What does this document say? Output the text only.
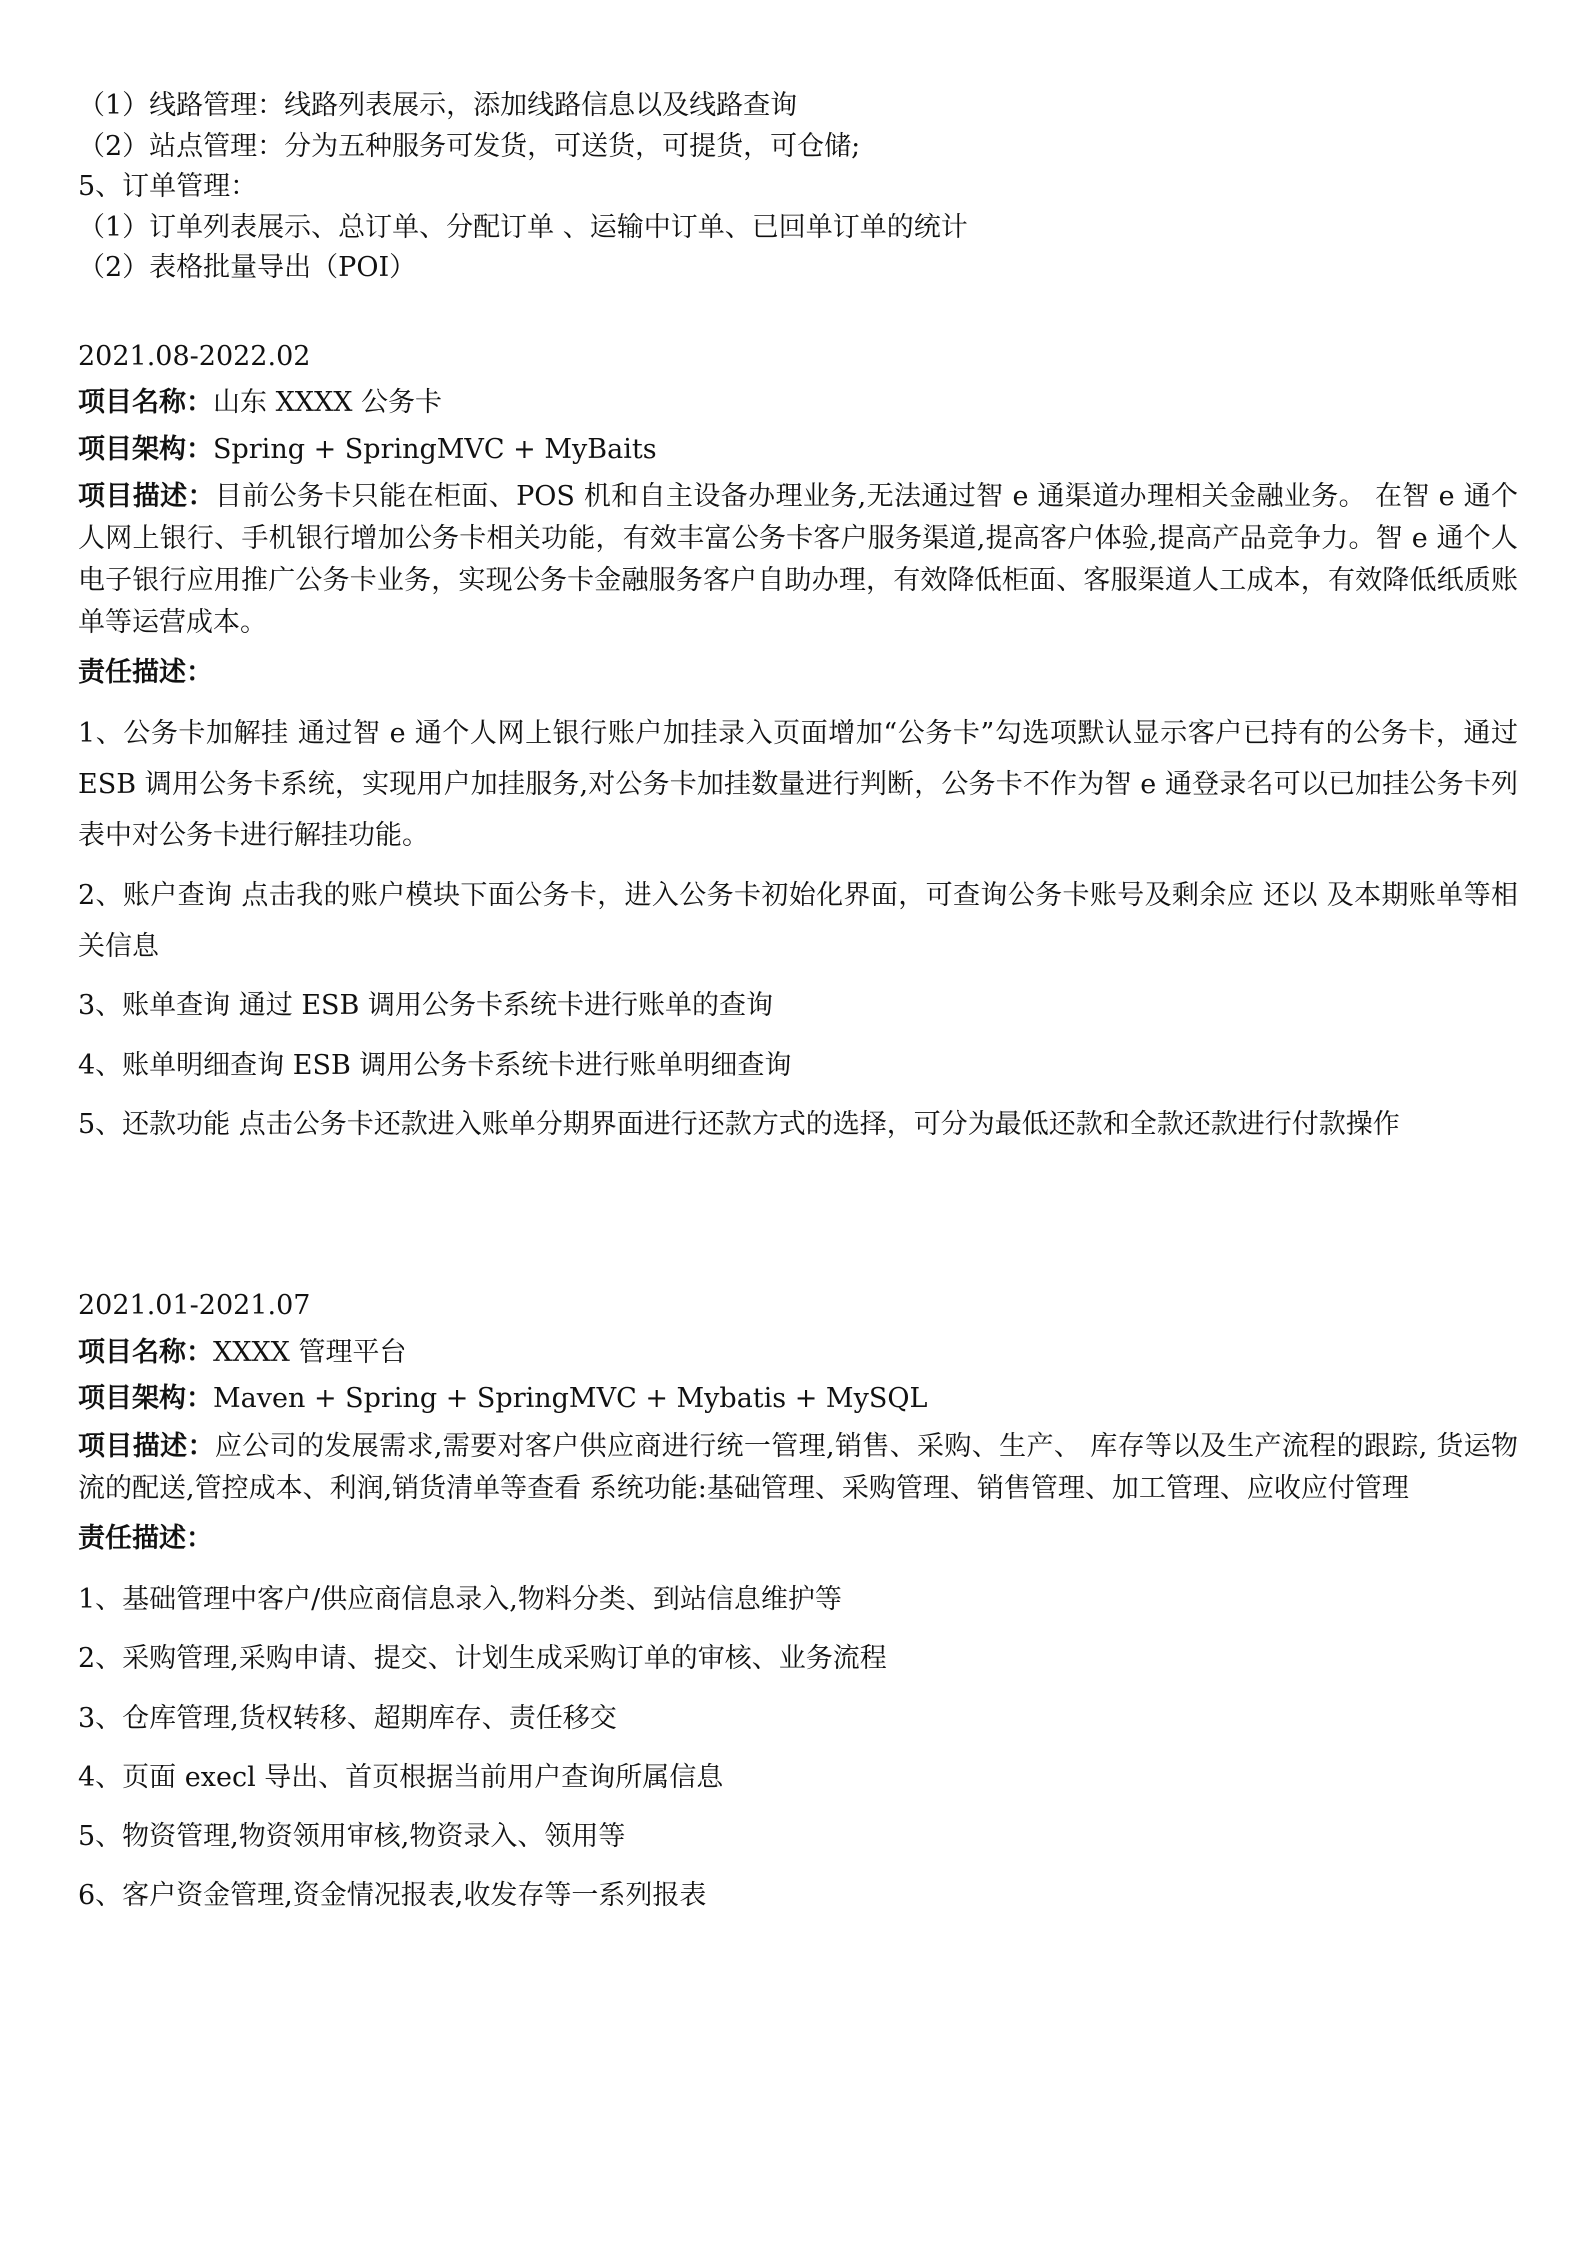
（1）线路管理：线路列表展示，添加线路信息以及线路查询

（2）站点管理：分为五种服务可发货，可送货，可提货，可仓储;

5、订单管理：

（1）订单列表展示、总订单、分配订单 、运输中订单、已回单订单的统计

（2）表格批量导出（POI）

2021.08-2022.02

项目名称：山东 XXXX 公务卡

项目架构：Spring + SpringMVC + MyBaits

项目描述：目前公务卡只能在柜面、POS 机和自主设备办理业务,无法通过智 e 通渠道办理相关金融业务。 在智 e 通个人网上银行、手机银行增加公务卡相关功能，有效丰富公务卡客户服务渠道,提高客户体验,提高产品竞争力。智 e 通个人电子银行应用推广公务卡业务，实现公务卡金融服务客户自助办理，有效降低柜面、客服渠道人工成本，有效降低纸质账单等运营成本。

责任描述：

1、公务卡加解挂 通过智 e 通个人网上银行账户加挂录入页面增加“公务卡”勾选项默认显示客户已持有的公务卡，通过 ESB 调用公务卡系统，实现用户加挂服务,对公务卡加挂数量进行判断，公务卡不作为智 e 通登录名可以已加挂公务卡列表中对公务卡进行解挂功能。

2、账户查询 点击我的账户模块下面公务卡，进入公务卡初始化界面，可查询公务卡账号及剩余应 还以 及本期账单等相关信息

3、账单查询 通过 ESB 调用公务卡系统卡进行账单的查询

4、账单明细查询 ESB 调用公务卡系统卡进行账单明细查询

5、还款功能 点击公务卡还款进入账单分期界面进行还款方式的选择，可分为最低还款和全款还款进行付款操作

2021.01-2021.07

项目名称：XXXX 管理平台

项目架构：Maven + Spring + SpringMVC + Mybatis + MySQL

项目描述：应公司的发展需求,需要对客户供应商进行统一管理,销售、采购、生产、 库存等以及生产流程的跟踪, 货运物流的配送,管控成本、利润,销货清单等查看 系统功能:基础管理、采购管理、销售管理、加工管理、应收应付管理

责任描述：

1、基础管理中客户/供应商信息录入,物料分类、到站信息维护等

2、采购管理,采购申请、提交、计划生成采购订单的审核、业务流程

3、仓库管理,货权转移、超期库存、责任移交

4、页面 execl 导出、首页根据当前用户查询所属信息

5、物资管理,物资领用审核,物资录入、领用等

6、客户资金管理,资金情况报表,收发存等一系列报表
